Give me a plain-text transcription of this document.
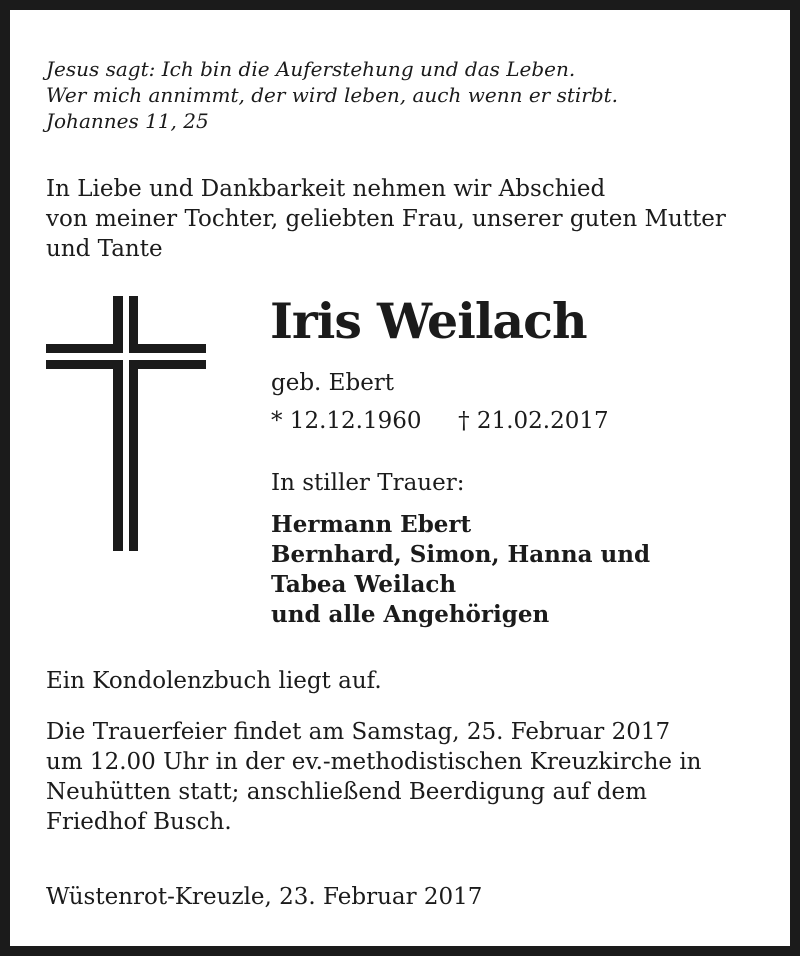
Jesus sagt: Ich bin die Auferstehung und das Leben.
Wer mich annimmt, der wird leben, auch wenn er stirbt.
Johannes 11, 25
In Liebe und Dankbarkeit nehmen wir Abschied
von meiner Tochter, geliebten Frau, unserer guten Mutter
und Tante
Iris Weilach
geb. Ebert
* 12.12.1960 † 21.02.2017
In stiller Trauer:
Hermann Ebert
Bernhard, Simon, Hanna und
Tabea Weilach
und alle Angehörigen
Ein Kondolenzbuch liegt auf.
Die Trauerfeier findet am Samstag, 25. Februar 2017
um 12.00 Uhr in der ev.-methodistischen Kreuzkirche in
Neuhütten statt; anschließend Beerdigung auf dem
Friedhof Busch.
Wüstenrot-Kreuzle, 23. Februar 2017
